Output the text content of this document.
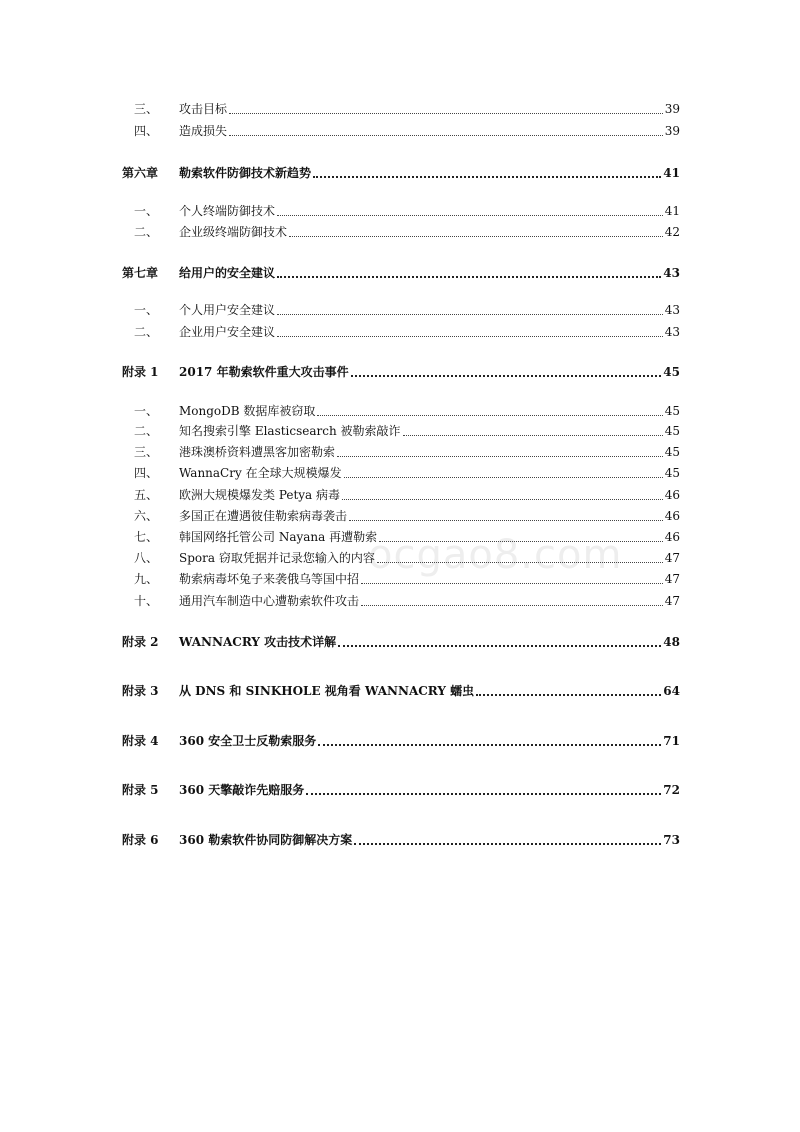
三、	攻击目标	39
四、	造成损失	39
第六章	勒索软件防御技术新趋势	41
一、	个人终端防御技术	41
二、	企业级终端防御技术	42
第七章	给用户的安全建议	43
一、	个人用户安全建议	43
二、	企业用户安全建议	43
附录 1	2017 年勒索软件重大攻击事件	45
一、	MongoDB 数据库被窃取	45
二、	知名搜索引擎 Elasticsearch 被勒索敲诈	45
三、	港珠澳桥资料遭黑客加密勒索	45
四、	WannaCry 在全球大规模爆发	45
五、	欧洲大规模爆发类 Petya 病毒	46
六、	多国正在遭遇彼佳勒索病毒袭击	46
七、	韩国网络托管公司 Nayana 再遭勒索	46
八、	Spora 窃取凭据并记录您输入的内容	47
九、	勒索病毒坏兔子来袭俄乌等国中招	47
十、	通用汽车制造中心遭勒索软件攻击	47
附录 2	WANNACRY 攻击技术详解	48
附录 3	从 DNS 和 SINKHOLE 视角看 WANNACRY 蠕虫	64
附录 4	360 安全卫士反勒索服务	71
附录 5	360 天擎敲诈先赔服务	72
附录 6	360 勒索软件协同防御解决方案	73
ocgao8.com
